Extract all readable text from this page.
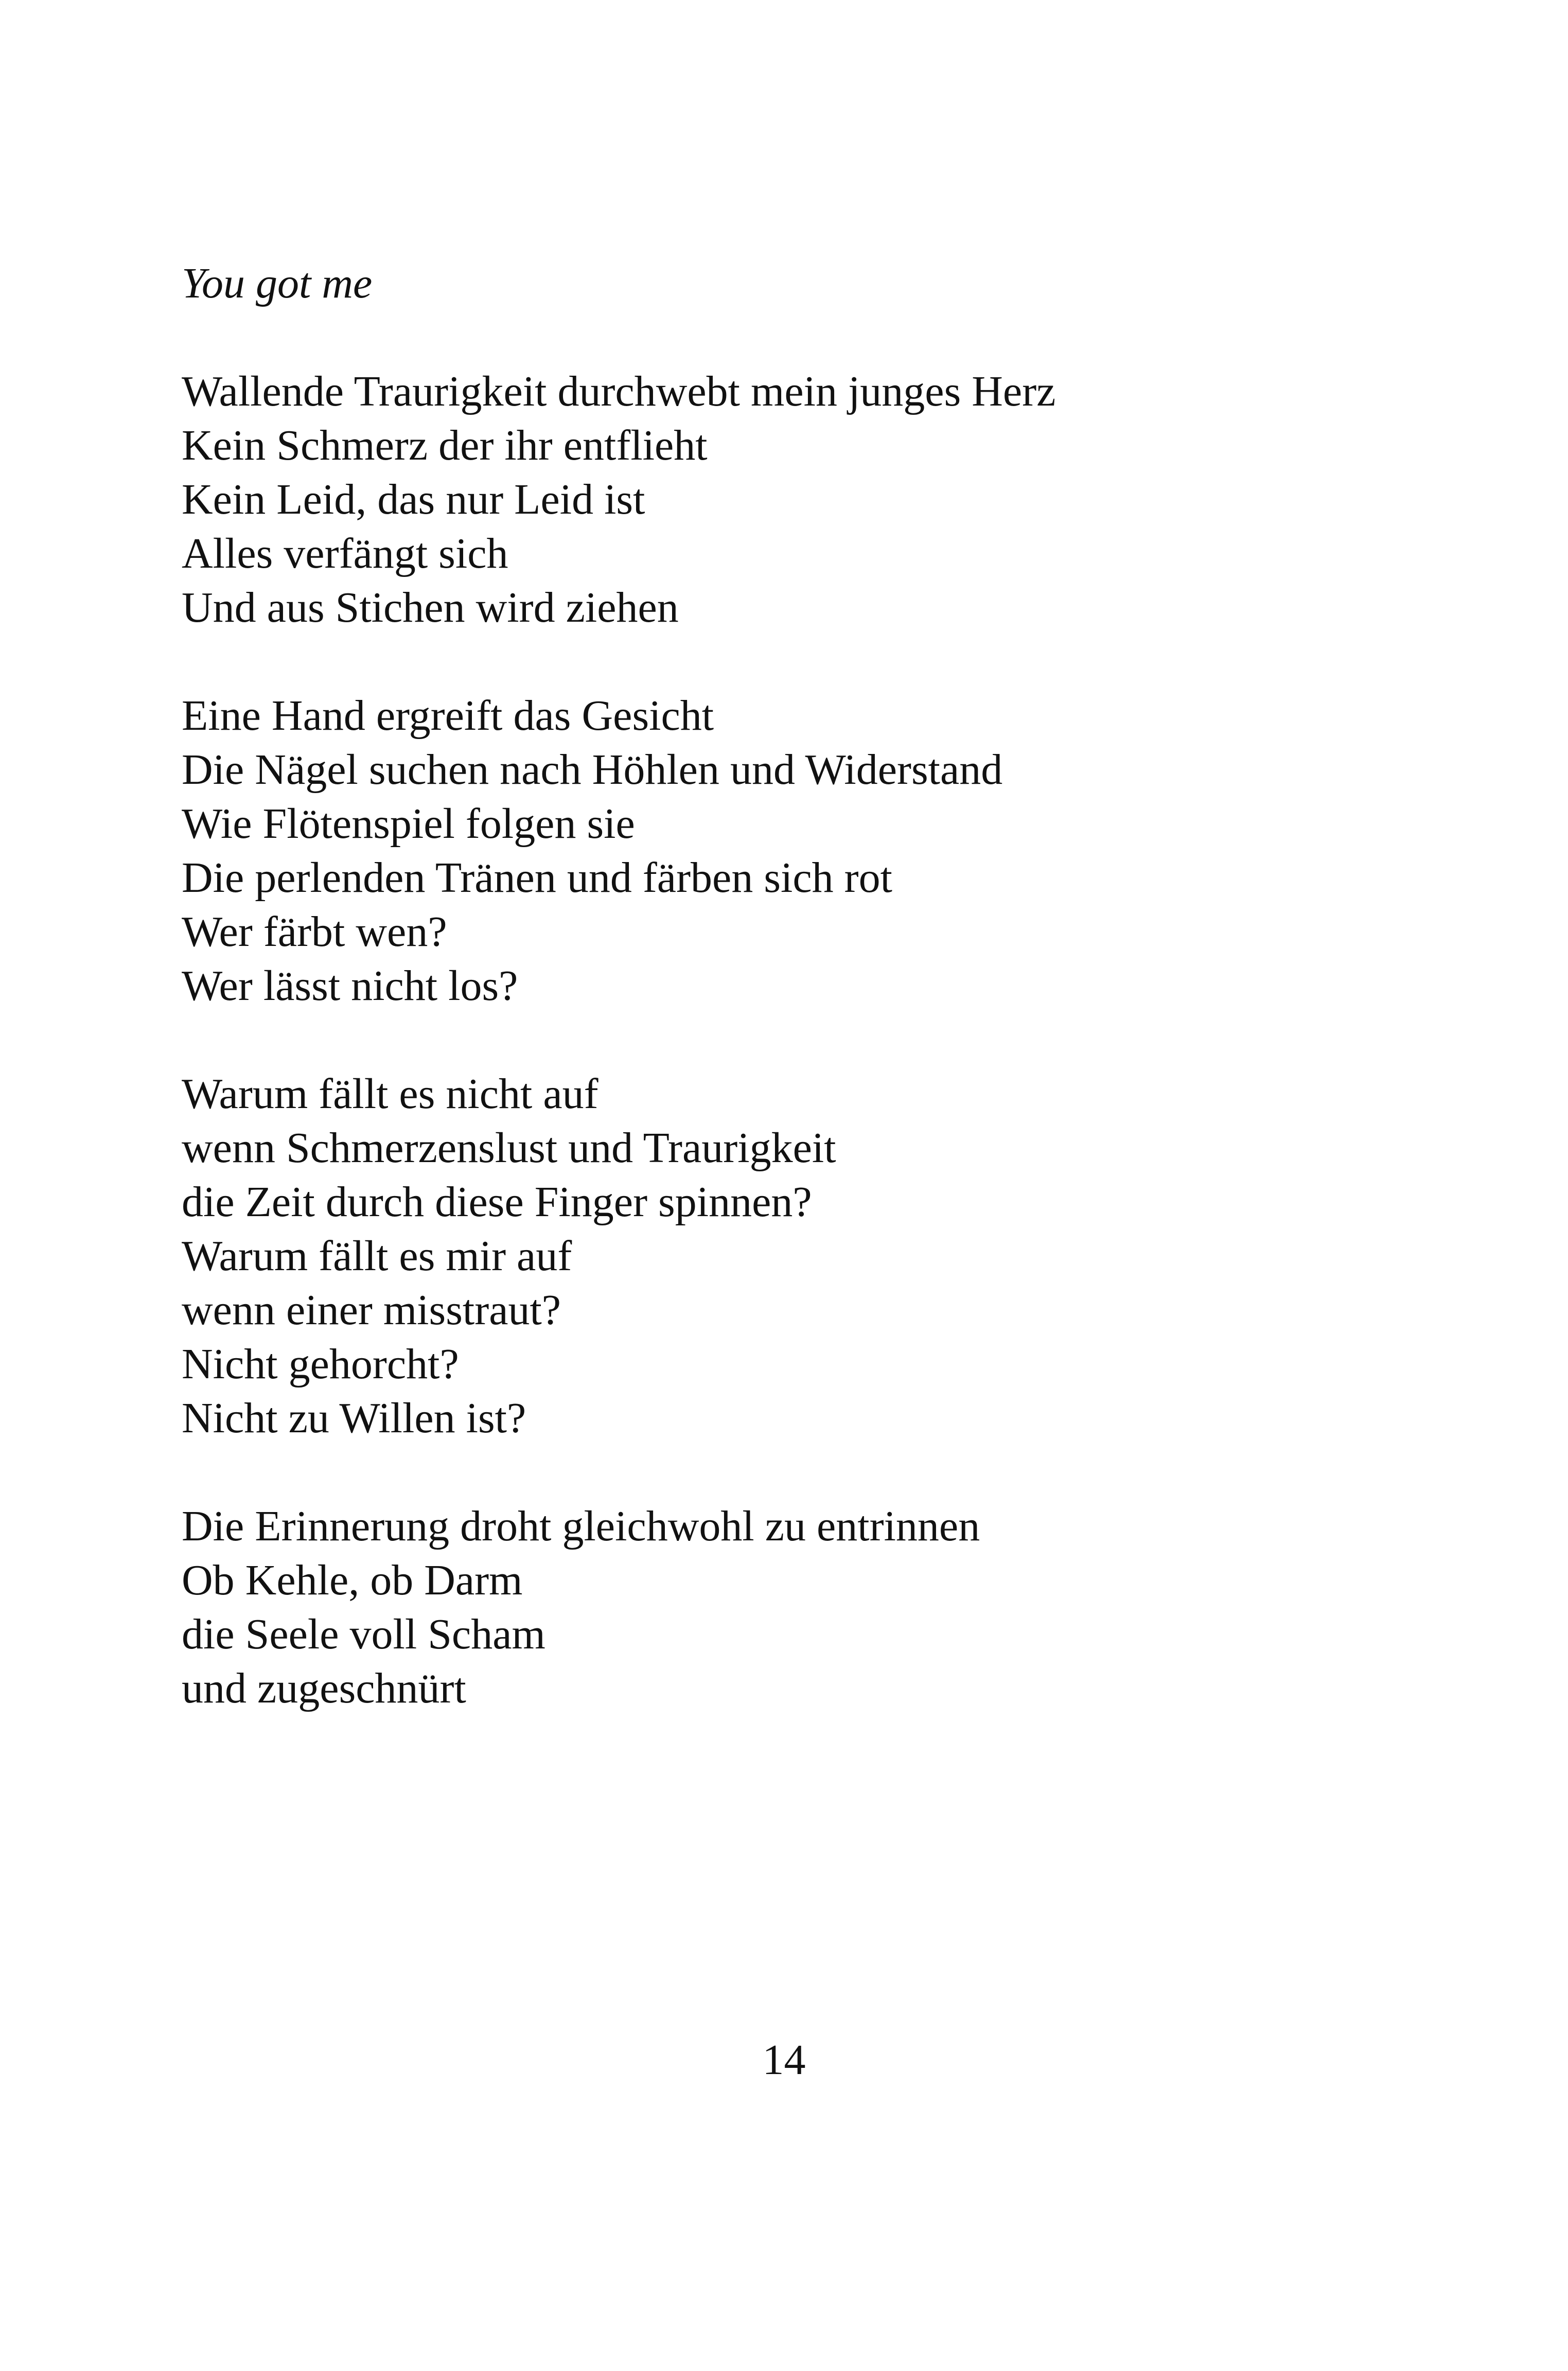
You got me
Wallende Traurigkeit durchwebt mein junges Herz
Kein Schmerz der ihr entflieht
Kein Leid, das nur Leid ist
Alles verfängt sich
Und aus Stichen wird ziehen
Eine Hand ergreift das Gesicht
Die Nägel suchen nach Höhlen und Widerstand
Wie Flötenspiel folgen sie
Die perlenden Tränen und färben sich rot
Wer färbt wen?
Wer lässt nicht los?
Warum fällt es nicht auf
wenn Schmerzenslust und Traurigkeit
die Zeit durch diese Finger spinnen?
Warum fällt es mir auf
wenn einer misstraut?
Nicht gehorcht?
Nicht zu Willen ist?
Die Erinnerung droht gleichwohl zu entrinnen
Ob Kehle, ob Darm
die Seele voll Scham
und zugeschnürt
14
